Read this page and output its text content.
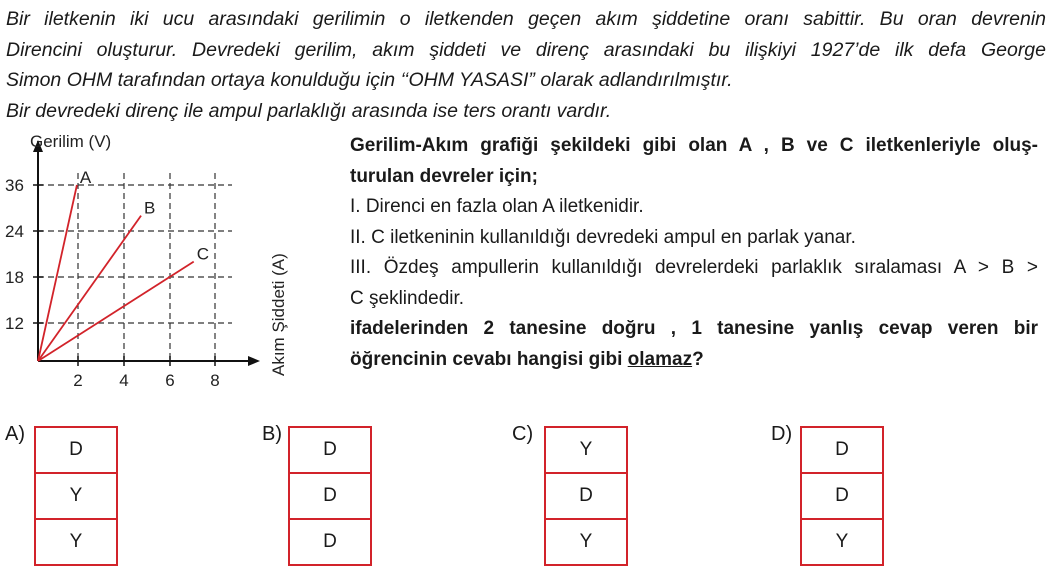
Bir iletkenin iki ucu arasındaki gerilimin o iletkenden geçen akım şiddetine oranı sabittir. Bu oran devrenin
Direncini oluşturur. Devredeki gerilim, akım şiddeti ve direnç arasındaki bu ilişkiyi 1927’de ilk defa George
Simon OHM tarafından ortaya konulduğu için ‘‘OHM YASASI” olarak adlandırılmıştır.
Bir devredeki direnç ile ampul parlaklığı arasında ise ters orantı vardır.
2 4 6 8
12
18
24
36
Gerilim (V)
Akım Şiddeti (A)
A
B
C
Gerilim-Akım grafiği şekildeki gibi olan A , B ve C iletkenleriyle oluş-
turulan devreler için;
I. Direnci en fazla olan A iletkenidir.
II. C iletkeninin kullanıldığı devredeki ampul en parlak yanar.
III. Özdeş ampullerin kullanıldığı devrelerdeki parlaklık sıralaması A > B >
C şeklindedir.
ifadelerinden 2 tanesine doğru , 1 tanesine yanlış cevap veren bir
öğrencinin cevabı hangisi gibi olamaz?
A)
D
Y
Y
B)
D
D
D
C)
Y
D
Y
D)
D
D
Y
